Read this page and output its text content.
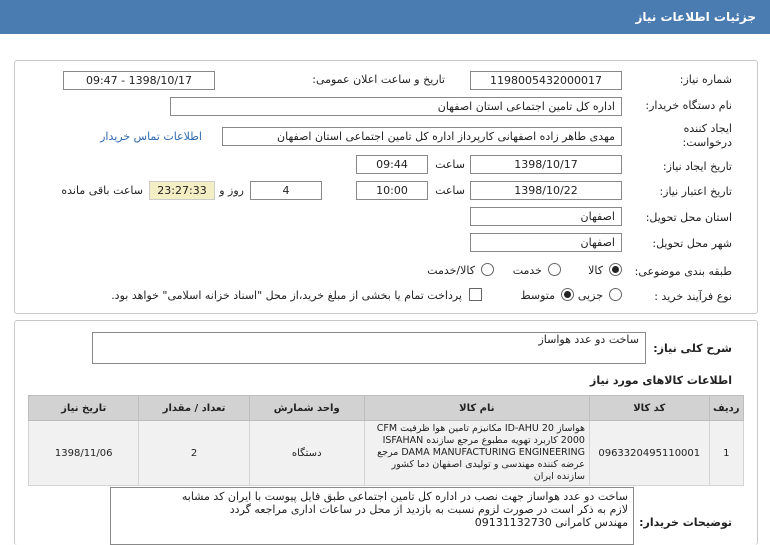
جزئیات اطلاعات نیاز
شماره نیاز:
1198005432000017
تاریخ و ساعت اعلان عمومی:
1398/10/17 - 09:47
نام دستگاه خریدار:
اداره کل تامین اجتماعی استان اصفهان
ایجاد کننده
درخواست:
مهدی طاهر زاده اصفهانی کارپرداز اداره کل تامین اجتماعی استان اصفهان
اطلاعات تماس خریدار
تاریخ ایجاد نیاز:
1398/10/17
ساعت
09:44
تاریخ اعتبار نیاز:
1398/10/22
ساعت
10:00
4
روز و
23:27:33
ساعت باقی مانده
استان محل تحویل:
اصفهان
شهر محل تحویل:
اصفهان
طبقه بندی موضوعی:
کالا
خدمت
کالا/خدمت
نوع فرآیند خرید :
جزیی
متوسط
پرداخت تمام یا بخشی از مبلغ خرید،از محل "اسناد خزانه اسلامی" خواهد بود.
شرح کلی نیاز:
ساخت دو عدد هواساز
اطلاعات کالاهای مورد نیاز
ردیف	کد کالا	نام کالا	واحد شمارش	تعداد / مقدار	تاریخ نیاز
1	0963320495110001	هواساز 20 ID-AHU مکانیزم تامین هوا ظرفیت CFM 2000 کاربرد تهویه مطبوع مرجع سازنده ISFAHAN DAMA MANUFACTURING ENGINEERING مرجع عرضه کننده مهندسی و تولیدی اصفهان دما کشور سازنده ایران	دستگاه	2	1398/11/06
توضیحات خریدار:
ساخت دو عدد هواساز جهت نصب در اداره کل تامین اجتماعی طبق فایل پیوست با ایران کد مشابه
لازم به ذکر است در صورت لزوم نسبت به بازدید از محل در ساعات اداری مراجعه گردد
مهندس کامرانی 09131132730
